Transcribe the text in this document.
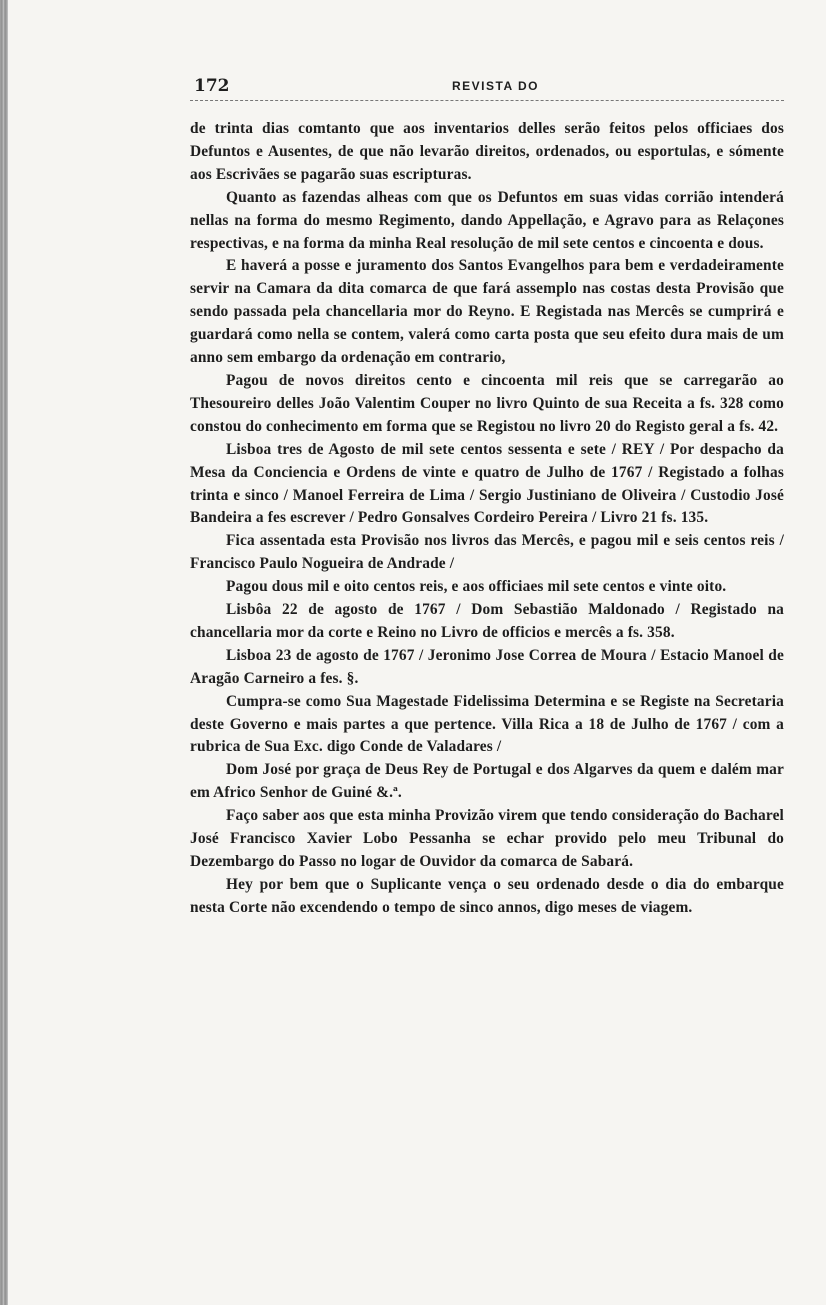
172	REVISTA DO

de trinta dias comtanto que aos inventarios delles serão feitos pelos officiaes dos Defuntos e Ausentes, de que não levarão direitos, ordenados, ou esportulas, e sómente aos Escrivães se pagarão suas escripturas.

Quanto as fazendas alheas com que os Defuntos em suas vidas corrião intenderá nellas na forma do mesmo Regimento, dando Appellação, e Agravo para as Relaçones respectivas, e na forma da minha Real resolução de mil sete centos e cincoenta e dous.

E haverá a posse e juramento dos Santos Evangelhos para bem e verdadeiramente servir na Camara da dita comarca de que fará assemplo nas costas desta Provisão que sendo passada pela chancellaria mor do Reyno. E Registada nas Mercês se cumprirá e guardará como nella se contem, valerá como carta posta que seu efeito dura mais de um anno sem embargo da ordenação em contrario,

Pagou de novos direitos cento e cincoenta mil reis que se carregarão ao Thesoureiro delles João Valentim Couper no livro Quinto de sua Receita a fs. 328 como constou do conhecimento em forma que se Registou no livro 20 do Registo geral a fs. 42.

Lisboa tres de Agosto de mil sete centos sessenta e sete / REY / Por despacho da Mesa da Conciencia e Ordens de vinte e quatro de Julho de 1767 / Registado a folhas trinta e sinco / Manoel Ferreira de Lima / Sergio Justiniano de Oliveira / Custodio José Bandeira a fes escrever / Pedro Gonsalves Cordeiro Pereira / Livro 21 fs. 135.

Fica assentada esta Provisão nos livros das Mercês, e pagou mil e seis centos reis / Francisco Paulo Nogueira de Andrade /

Pagou dous mil e oito centos reis, e aos officiaes mil sete centos e vinte oito.

Lisbôa 22 de agosto de 1767 / Dom Sebastião Maldonado / Registado na chancellaria mor da corte e Reino no Livro de officios e mercês a fs. 358.

Lisboa 23 de agosto de 1767 / Jeronimo Jose Correa de Moura / Estacio Manoel de Aragão Carneiro a fes. §.

Cumpra-se como Sua Magestade Fidelissima Determina e se Registe na Secretaria deste Governo e mais partes a que pertence. Villa Rica a 18 de Julho de 1767 / com a rubrica de Sua Exc. digo Conde de Valadares /

Dom José por graça de Deus Rey de Portugal e dos Algarves da quem e dalém mar em Africo Senhor de Guiné &.ª.

Faço saber aos que esta minha Provizão virem que tendo consideração do Bacharel José Francisco Xavier Lobo Pessanha se echar provido pelo meu Tribunal do Dezembargo do Passo no logar de Ouvidor da comarca de Sabará.

Hey por bem que o Suplicante vença o seu ordenado desde o dia do embarque nesta Corte não excendendo o tempo de sinco annos, digo meses de viagem.
